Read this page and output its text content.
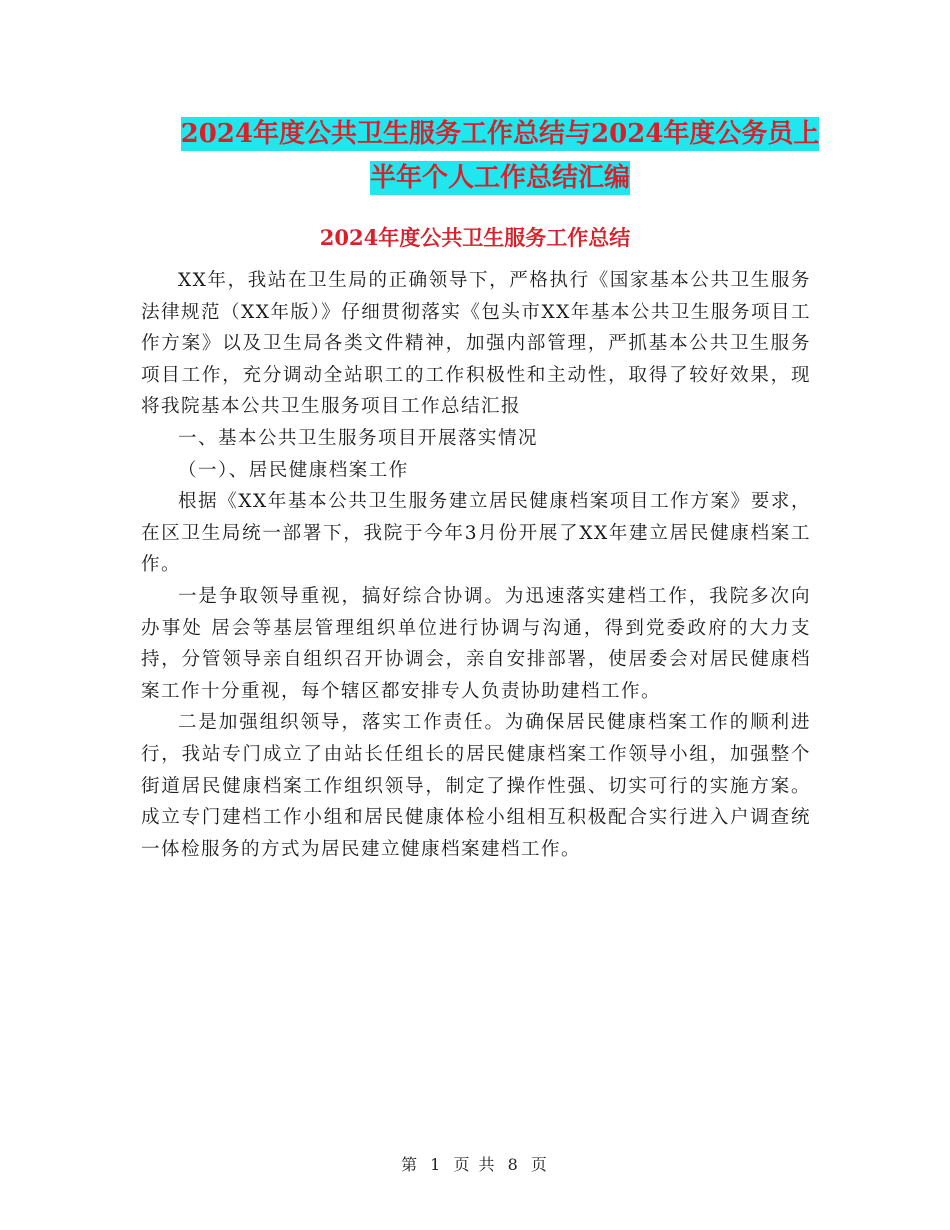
2024年度公共卫生服务工作总结与2024年度公务员上
半年个人工作总结汇编
2024年度公共卫生服务工作总结

XX年，我站在卫生局的正确领导下，严格执行《国家基本公共卫生服务法律规范（XX年版）》仔细贯彻落实《包头市XX年基本公共卫生服务项目工作方案》以及卫生局各类文件精神，加强内部管理，严抓基本公共卫生服务项目工作，充分调动全站职工的工作积极性和主动性，取得了较好效果，现将我院基本公共卫生服务项目工作总结汇报

一、基本公共卫生服务项目开展落实情况

（一）、居民健康档案工作

根据《XX年基本公共卫生服务建立居民健康档案项目工作方案》要求，在区卫生局统一部署下，我院于今年3月份开展了XX年建立居民健康档案工作。

一是争取领导重视，搞好综合协调。为迅速落实建档工作，我院多次向办事处 居会等基层管理组织单位进行协调与沟通，得到党委政府的大力支持，分管领导亲自组织召开协调会，亲自安排部署，使居委会对居民健康档案工作十分重视，每个辖区都安排专人负责协助建档工作。

二是加强组织领导，落实工作责任。为确保居民健康档案工作的顺利进行，我站专门成立了由站长任组长的居民健康档案工作领导小组，加强整个街道居民健康档案工作组织领导，制定了操作性强、切实可行的实施方案。成立专门建档工作小组和居民健康体检小组相互积极配合实行进入户调查统一体检服务的方式为居民建立健康档案建档工作。

第 1 页 共 8 页
